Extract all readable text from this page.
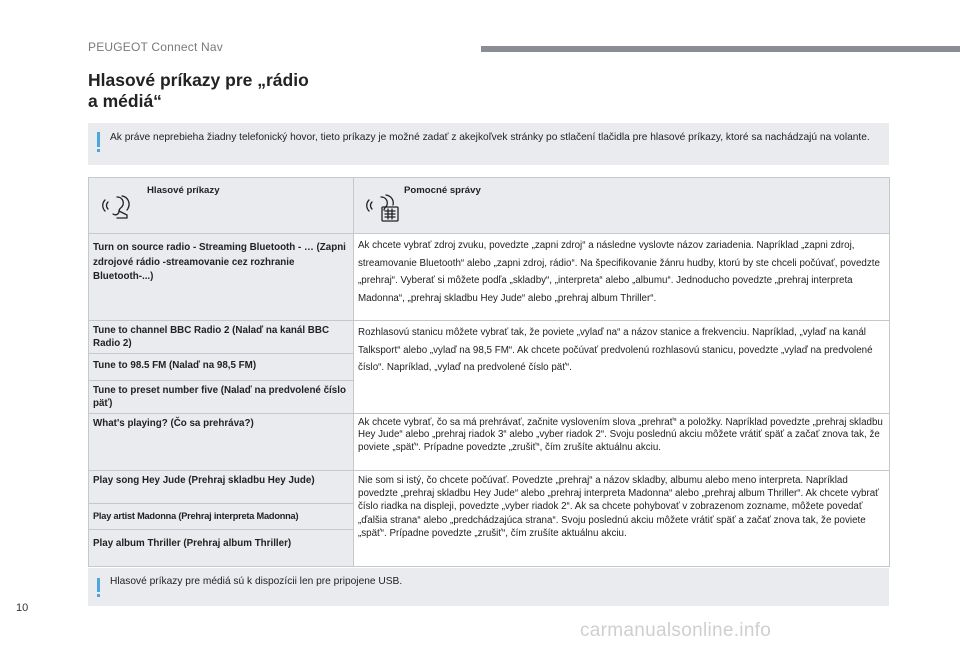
PEUGEOT Connect Nav
Hlasové príkazy pre „rádio
a médiá“
Ak práve neprebieha žiadny telefonický hovor, tieto príkazy je možné zadať z akejkoľvek stránky po stlačení tlačidla pre hlasové príkazy, ktoré sa nachádzajú na volante.
Hlasové príkazy	Pomocné správy

Turn on source radio - Streaming Bluetooth - … (Zapni zdrojové rádio -streamovanie cez rozhranie Bluetooth-...)	Ak chcete vybrať zdroj zvuku, povedzte „zapni zdroj“ a následne vyslovte názov zariadenia. Napríklad „zapni zdroj, streamovanie Bluetooth“ alebo „zapni zdroj, rádio“. Na špecifikovanie žánru hudby, ktorú by ste chceli počúvať, povedzte „prehraj“. Vyberať si môžete podľa „skladby“, „interpreta“ alebo „albumu“. Jednoducho povedzte „prehraj interpreta Madonna“, „prehraj skladbu Hey Jude“ alebo „prehraj album Thriller“.

Tune to channel BBC Radio 2 (Nalaď na kanál BBC Radio 2)	Rozhlasovú stanicu môžete vybrať tak, že poviete „vylaď na“ a názov stanice a frekvenciu. Napríklad, „vylaď na kanál Talksport“ alebo „vylaď na 98,5 FM“. Ak chcete počúvať predvolenú rozhlasovú stanicu, povedzte „vylaď na predvolené číslo“. Napríklad, „vylaď na predvolené číslo päť“.

Tune to 98.5 FM (Nalaď na 98,5 FM)	

Tune to preset number five (Nalaď na predvolené číslo päť)	

What's playing? (Čo sa prehráva?)	Ak chcete vybrať, čo sa má prehrávať, začnite vyslovením slova „prehrať“ a položky. Napríklad povedzte „prehraj skladbu Hey Jude“ alebo „prehraj riadok 3“ alebo „vyber riadok 2“. Svoju poslednú akciu môžete vrátiť späť a začať znova tak, že poviete „späť“. Prípadne povedzte „zrušiť“, čím zrušíte aktuálnu akciu.

Play song Hey Jude (Prehraj skladbu Hey Jude)	Nie som si istý, čo chcete počúvať. Povedzte „prehraj“ a názov skladby, albumu alebo meno interpreta. Napríklad povedzte „prehraj skladbu Hey Jude“ alebo „prehraj interpreta Madonna“ alebo „prehraj album Thriller“. Ak chcete vybrať číslo riadka na displeji, povedzte „vyber riadok 2“. Ak sa chcete pohybovať v zobrazenom zozname, môžete povedať „ďalšia strana“ alebo „predchádzajúca strana“. Svoju poslednú akciu môžete vrátiť späť a začať znova tak, že poviete „späť“. Prípadne povedzte „zrušiť“, čím zrušíte aktuálnu akciu.

Play artist Madonna (Prehraj interpreta Madonna)	

Play album Thriller (Prehraj album Thriller)	
Hlasové príkazy pre médiá sú k dispozícii len pre pripojene USB.
10
carmanualsonline.info
